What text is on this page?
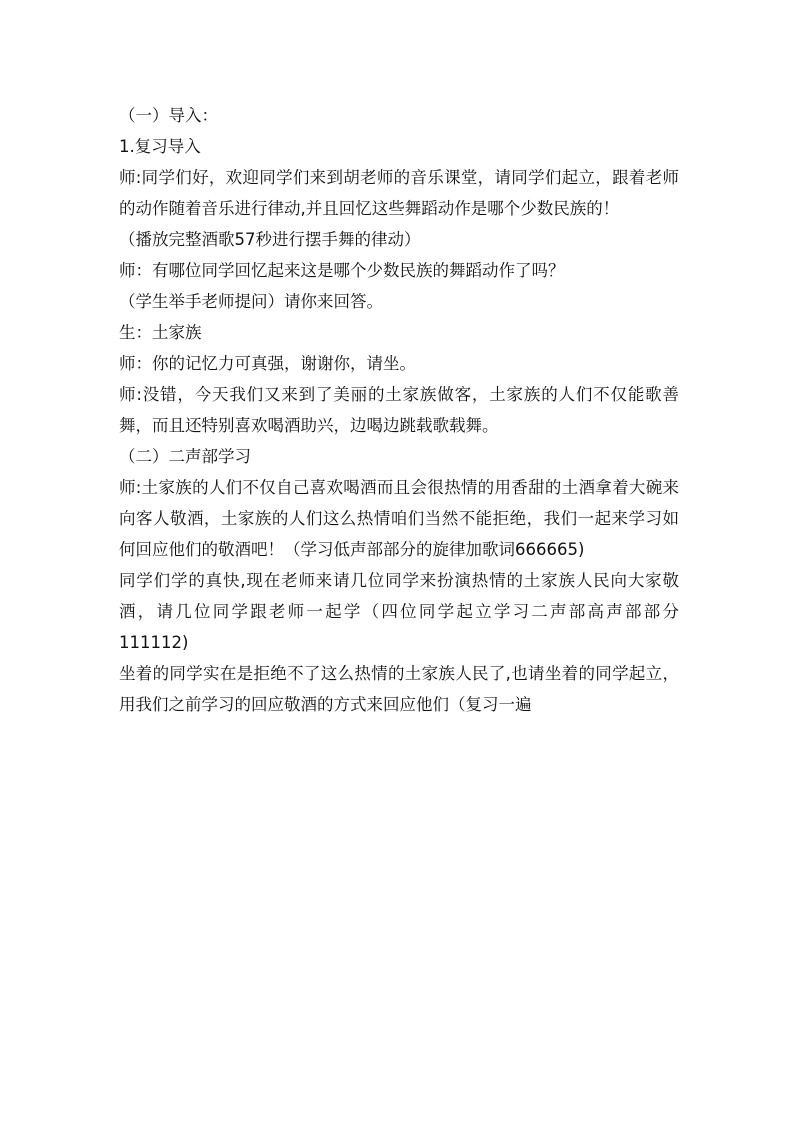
（一）导入：

1.复习导入

师:同学们好，欢迎同学们来到胡老师的音乐课堂，请同学们起立，跟着老师的动作随着音乐进行律动,并且回忆这些舞蹈动作是哪个少数民族的！

（播放完整酒歌57秒进行摆手舞的律动）

师：有哪位同学回忆起来这是哪个少数民族的舞蹈动作了吗？

（学生举手老师提问）请你来回答。

生：土家族

师：你的记忆力可真强，谢谢你，请坐。

师:没错，今天我们又来到了美丽的土家族做客，土家族的人们不仅能歌善舞，而且还特别喜欢喝酒助兴，边喝边跳载歌载舞。

（二）二声部学习

师:土家族的人们不仅自己喜欢喝酒而且会很热情的用香甜的土酒拿着大碗来向客人敬酒，土家族的人们这么热情咱们当然不能拒绝，我们一起来学习如何回应他们的敬酒吧！（学习低声部部分的旋律加歌词666665)

同学们学的真快,现在老师来请几位同学来扮演热情的土家族人民向大家敬酒，请几位同学跟老师一起学（四位同学起立学习二声部高声部部分111112)

坐着的同学实在是拒绝不了这么热情的土家族人民了,也请坐着的同学起立，用我们之前学习的回应敬酒的方式来回应他们（复习一遍
